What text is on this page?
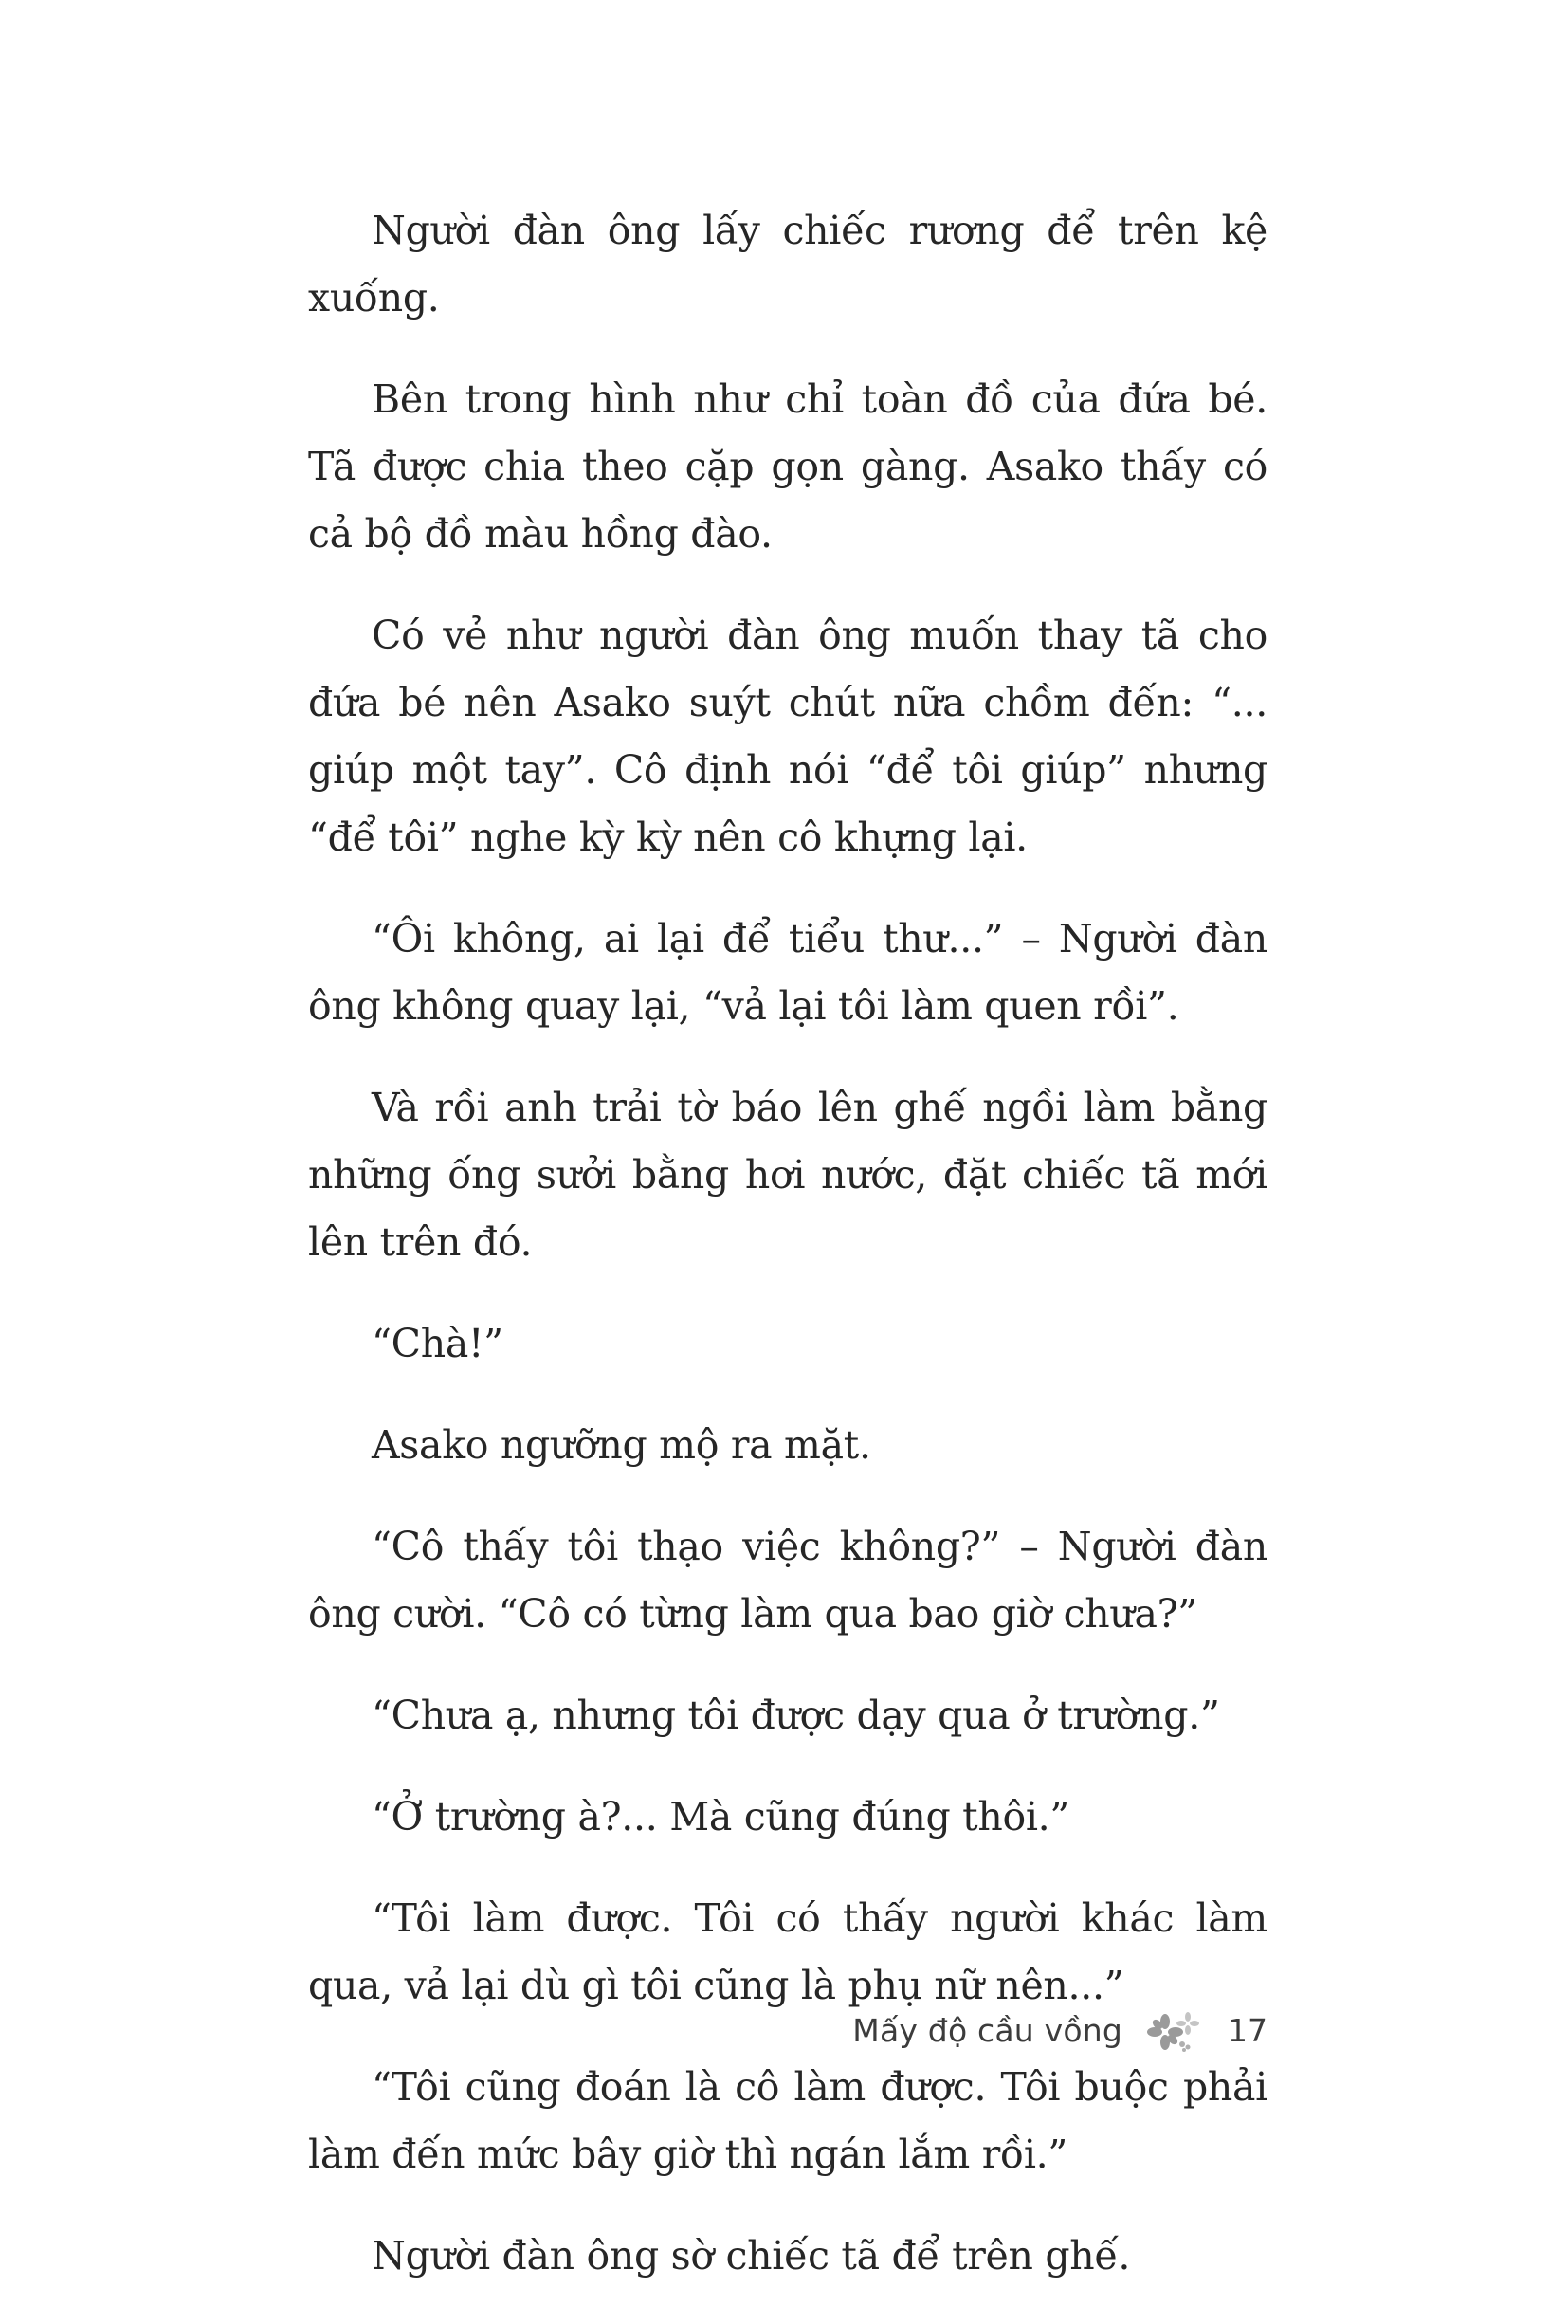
Người đàn ông lấy chiếc rương để trên kệ xuống.

Bên trong hình như chỉ toàn đồ của đứa bé. Tã được chia theo cặp gọn gàng. Asako thấy có cả bộ đồ màu hồng đào.

Có vẻ như người đàn ông muốn thay tã cho đứa bé nên Asako suýt chút nữa chồm đến: “... giúp một tay”. Cô định nói “để tôi giúp” nhưng “để tôi” nghe kỳ kỳ nên cô khựng lại.

“Ôi không, ai lại để tiểu thư...” – Người đàn ông không quay lại, “vả lại tôi làm quen rồi”.

Và rồi anh trải tờ báo lên ghế ngồi làm bằng những ống sưởi bằng hơi nước, đặt chiếc tã mới lên trên đó.

“Chà!”

Asako ngưỡng mộ ra mặt.

“Cô thấy tôi thạo việc không?” – Người đàn ông cười. “Cô có từng làm qua bao giờ chưa?”

“Chưa ạ, nhưng tôi được dạy qua ở trường.”

“Ở trường à?... Mà cũng đúng thôi.”

“Tôi làm được. Tôi có thấy người khác làm qua, vả lại dù gì tôi cũng là phụ nữ nên...”

“Tôi cũng đoán là cô làm được. Tôi buộc phải làm đến mức bây giờ thì ngán lắm rồi.”

Người đàn ông sờ chiếc tã để trên ghế.

Mấy độ cầu vồng	17
